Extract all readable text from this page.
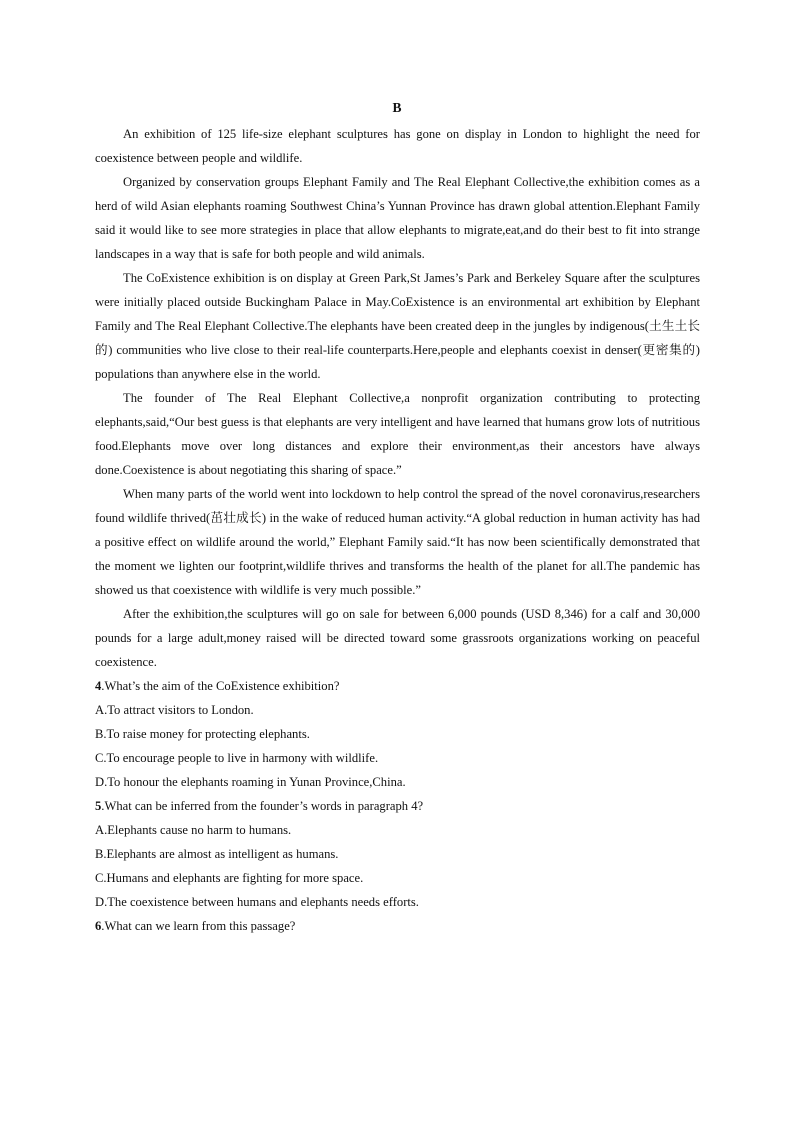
B

An exhibition of 125 life-size elephant sculptures has gone on display in London to highlight the need for coexistence between people and wildlife.

Organized by conservation groups Elephant Family and The Real Elephant Collective,the exhibition comes as a herd of wild Asian elephants roaming Southwest China’s Yunnan Province has drawn global attention.Elephant Family said it would like to see more strategies in place that allow elephants to migrate,eat,and do their best to fit into strange landscapes in a way that is safe for both people and wild animals.

The CoExistence exhibition is on display at Green Park,St James’s Park and Berkeley Square after the sculptures were initially placed outside Buckingham Palace in May.CoExistence is an environmental art exhibition by Elephant Family and The Real Elephant Collective.The elephants have been created deep in the jungles by indigenous(土生土长的) communities who live close to their real-life counterparts.Here,people and elephants coexist in denser(更密集的) populations than anywhere else in the world.

The founder of The Real Elephant Collective,a nonprofit organization contributing to protecting elephants,said,“Our best guess is that elephants are very intelligent and have learned that humans grow lots of nutritious food.Elephants move over long distances and explore their environment,as their ancestors have always done.Coexistence is about negotiating this sharing of space.”

When many parts of the world went into lockdown to help control the spread of the novel coronavirus,researchers found wildlife thrived(茁壮成长) in the wake of reduced human activity.“A global reduction in human activity has had a positive effect on wildlife around the world,” Elephant Family said.“It has now been scientifically demonstrated that the moment we lighten our footprint,wildlife thrives and transforms the health of the planet for all.The pandemic has showed us that coexistence with wildlife is very much possible.”

After the exhibition,the sculptures will go on sale for between 6,000 pounds (USD 8,346) for a calf and 30,000 pounds for a large adult,money raised will be directed toward some grassroots organizations working on peaceful coexistence.

4.What’s the aim of the CoExistence exhibition?

A.To attract visitors to London.

B.To raise money for protecting elephants.

C.To encourage people to live in harmony with wildlife.

D.To honour the elephants roaming in Yunan Province,China.

5.What can be inferred from the founder’s words in paragraph 4?

A.Elephants cause no harm to humans.

B.Elephants are almost as intelligent as humans.

C.Humans and elephants are fighting for more space.

D.The coexistence between humans and elephants needs efforts.

6.What can we learn from this passage?
